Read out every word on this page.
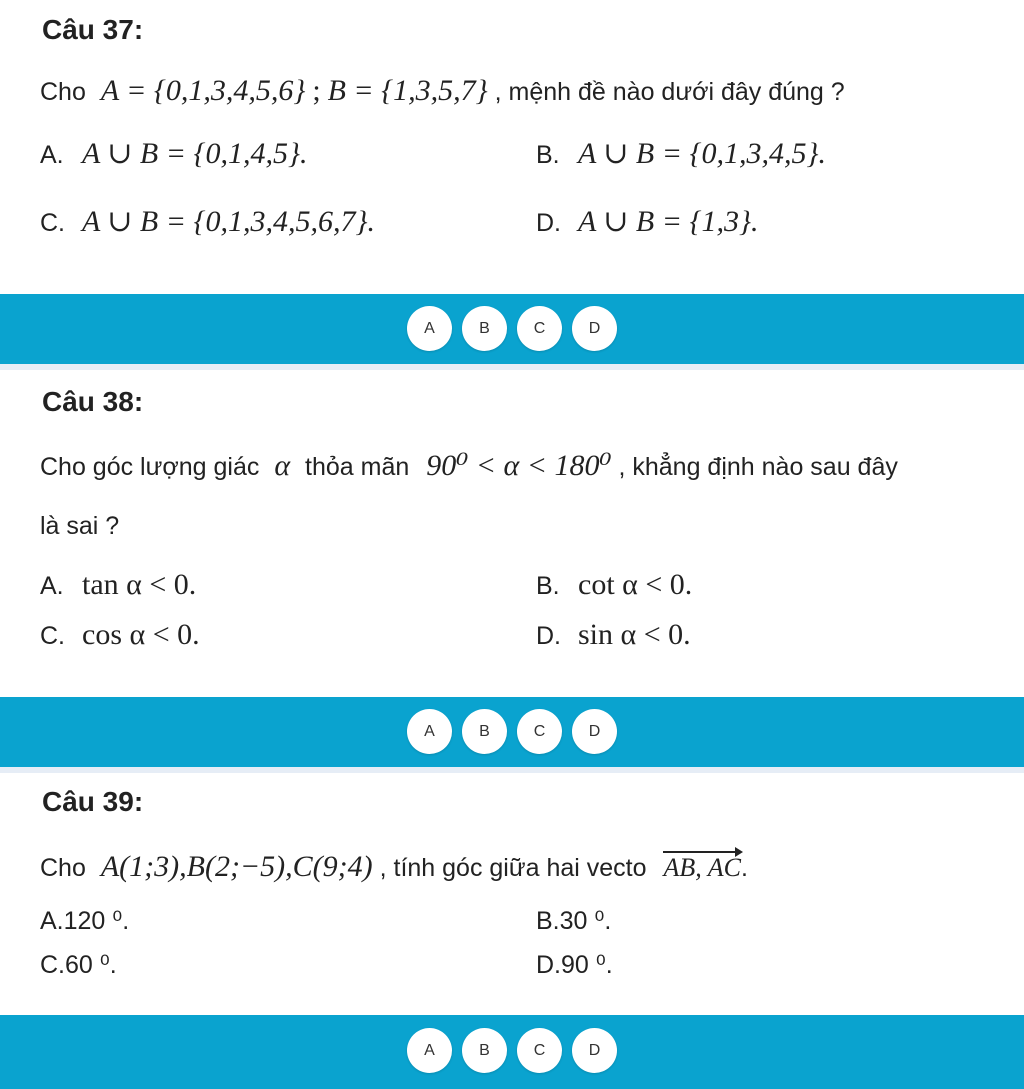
Câu 37:
Cho A = {0,1,3,4,5,6} ; B = {1,3,5,7} , mệnh đề nào dưới đây đúng ?
A. A ∪ B = {0,1,4,5}.	B. A ∪ B = {0,1,3,4,5}.
C. A ∪ B = {0,1,3,4,5,6,7}.	D. A ∪ B = {1,3}.
A	B	C	D
Câu 38:
Cho góc lượng giác α thỏa mãn 90⁰ < α < 180⁰ , khẳng định nào sau đây
là sai ?
A. tan α < 0.	B. cot α < 0.
C. cos α < 0.	D. sin α < 0.
A	B	C	D
Câu 39:
Cho A(1;3),B(2;−5),C(9;4) , tính góc giữa hai vecto AB, AC.
A.120 ⁰.	B.30 ⁰.
C.60 ⁰.	D.90 ⁰.
A	B	C	D
